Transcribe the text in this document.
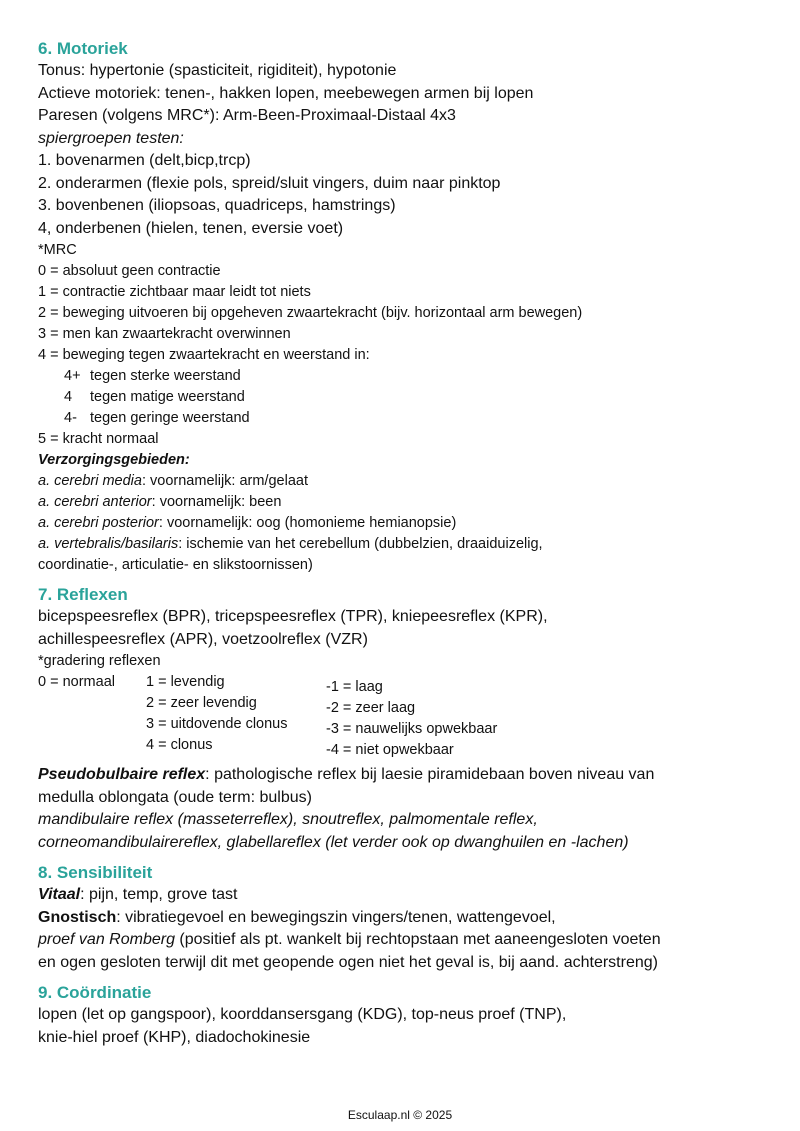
6. Motoriek

Tonus: hypertonie (spasticiteit, rigiditeit), hypotonie

Actieve motoriek: tenen-, hakken lopen, meebewegen armen bij lopen

Paresen (volgens MRC*): Arm-Been-Proximaal-Distaal 4x3

spiergroepen testen:

1. bovenarmen (delt,bicp,trcp)

2. onderarmen (flexie pols, spreid/sluit vingers, duim naar pinktop

3. bovenbenen (iliopsoas, quadriceps, hamstrings)

4, onderbenen (hielen, tenen, eversie voet)

*MRC

0 = absoluut geen contractie

1 = contractie zichtbaar maar leidt tot niets

2 = beweging uitvoeren bij opgeheven zwaartekracht (bijv. horizontaal arm bewegen)

3 = men kan zwaartekracht overwinnen

4 = beweging tegen zwaartekracht en weerstand in:

4+ tegen sterke weerstand

4	tegen matige weerstand

4- tegen geringe weerstand

5 = kracht normaal

Verzorgingsgebieden:

a. cerebri media: voornamelijk: arm/gelaat

a. cerebri anterior: voornamelijk: been

a. cerebri posterior: voornamelijk: oog (homonieme hemianopsie)

a. vertebralis/basilaris: ischemie van het cerebellum (dubbelzien, draaiduizelig,

coordinatie-, articulatie- en slikstoornissen)

7. Reflexen

bicepspeesreflex (BPR), tricepspeesreflex (TPR), kniepeesreflex (KPR),

achillespeesreflex (APR), voetzoolreflex (VZR)

*gradering reflexen

0 = normaal 1 = levendig
2 = zeer levendig
3 = uitdovende clonus
4 = clonus
-1 = laag
-2 = zeer laag
-3 = nauwelijks opwekbaar
-4 = niet opwekbaar

Pseudobulbaire reflex: pathologische reflex bij laesie piramidebaan boven niveau van

medulla oblongata (oude term: bulbus)

mandibulaire reflex (masseterreflex), snoutreflex, palmomentale reflex,

corneomandibulairereflex, glabellareflex (let verder ook op dwanghuilen en -lachen)

8. Sensibiliteit

Vitaal: pijn, temp, grove tast

Gnostisch: vibratiegevoel en bewegingszin vingers/tenen, wattengevoel,

proef van Romberg (positief als pt. wankelt bij rechtopstaan met aaneengesloten voeten

en ogen gesloten terwijl dit met geopende ogen niet het geval is, bij aand. achterstreng)

9. Coördinatie

lopen (let op gangspoor), koorddansersgang (KDG), top-neus proef (TNP),

knie-hiel proef (KHP), diadochokinesie

Esculaap.nl © 2025
